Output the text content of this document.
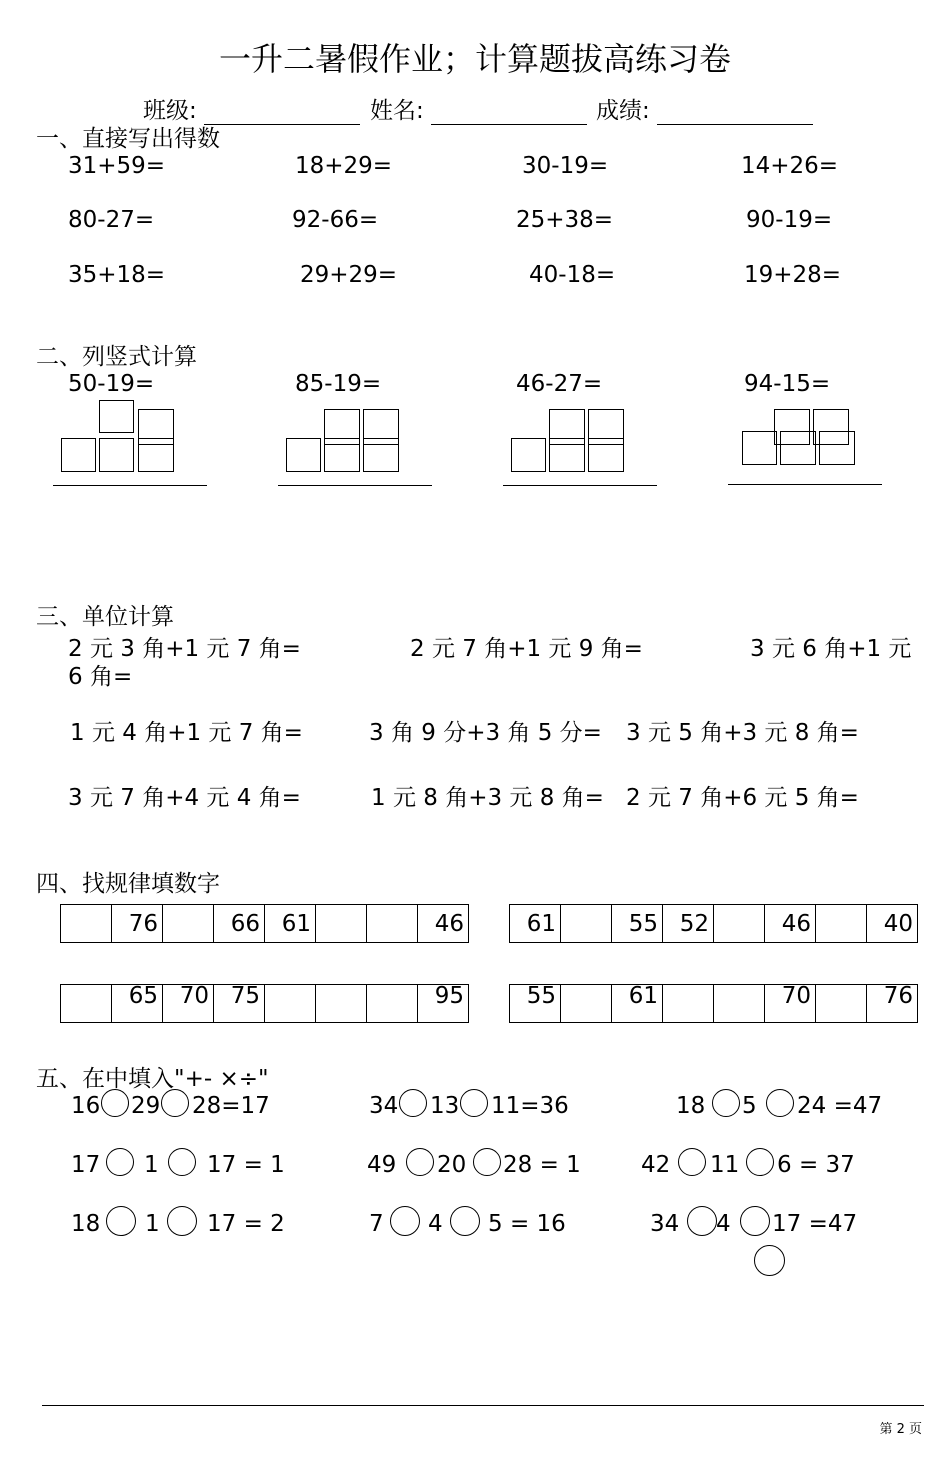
一升二暑假作业；计算题拔高练习卷
班级:	姓名:	成绩:
一、直接写出得数
31+59=	18+29=	30-19=	14+26=
80-27=	92-66=	25+38=	90-19=
35+18=	29+29=	40-18=	19+28=
二、列竖式计算
50-19=	85-19=	46-27=	94-15=
三、单位计算
2 元 3 角+1 元 7 角=	2 元 7 角+1 元 9 角=	3 元 6 角+1 元
6 角=
1 元 4 角+1 元 7 角=	3 角 9 分+3 角 5 分= 3 元 5 角+3 元 8 角=
3 元 7 角+4 元 4 角=	1 元 8 角+3 元 8 角= 2 元 7 角+6 元 5 角=
四、找规律填数字
	76		66	61			46	61		55	52		46		40
	65	70	75				95	55		61			70		76
五、在中填入"+- ×÷"
16 29 28=17	34 13 11=36	18 5 24 =47
17 1 17 = 1	49 20 28 = 1	42 11 6 = 37
18 1 17 = 2	7 4 5 = 16	34 4 17 =47
第 2 页
